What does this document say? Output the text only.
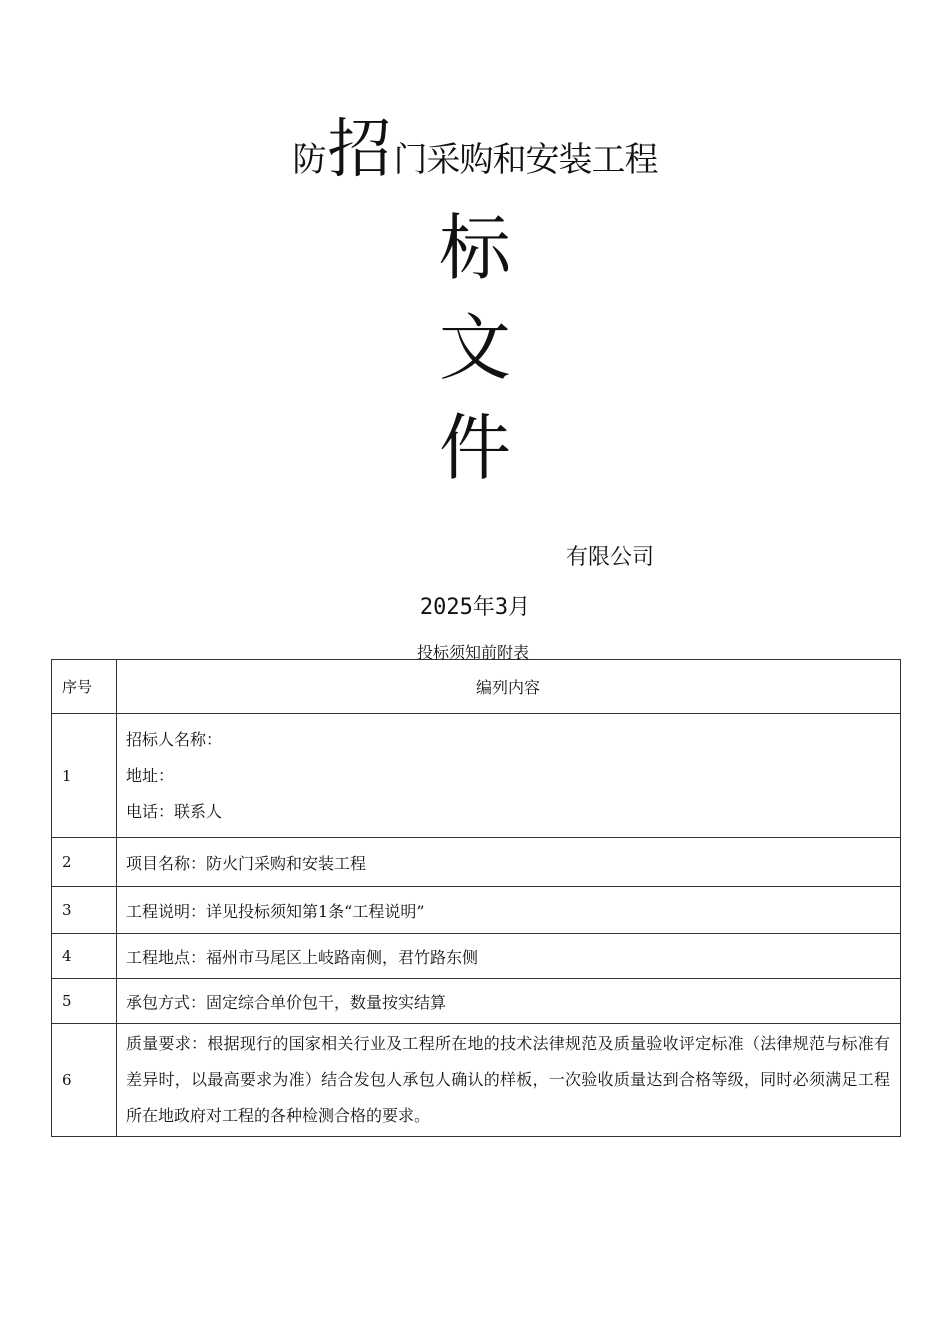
防招门采购和安装工程
标
文
件
有限公司
2025年3月
投标须知前附表
序号	编列内容
1	招标人名称：
地址：
电话：联系人

2	项目名称：防火门采购和安装工程
3	工程说明：详见投标须知第1条“工程说明”
4	工程地点：福州市马尾区上岐路南侧，君竹路东侧
5	承包方式：固定综合单价包干，数量按实结算
6	质量要求：根据现行的国家相关行业及工程所在地的技术法律规范及质量验收评定标准（法律规范与标准有差异时，以最高要求为准）结合发包人承包人确认的样板，一次验收质量达到合格等级，同时必须满足工程所在地政府对工程的各种检测合格的要求。
